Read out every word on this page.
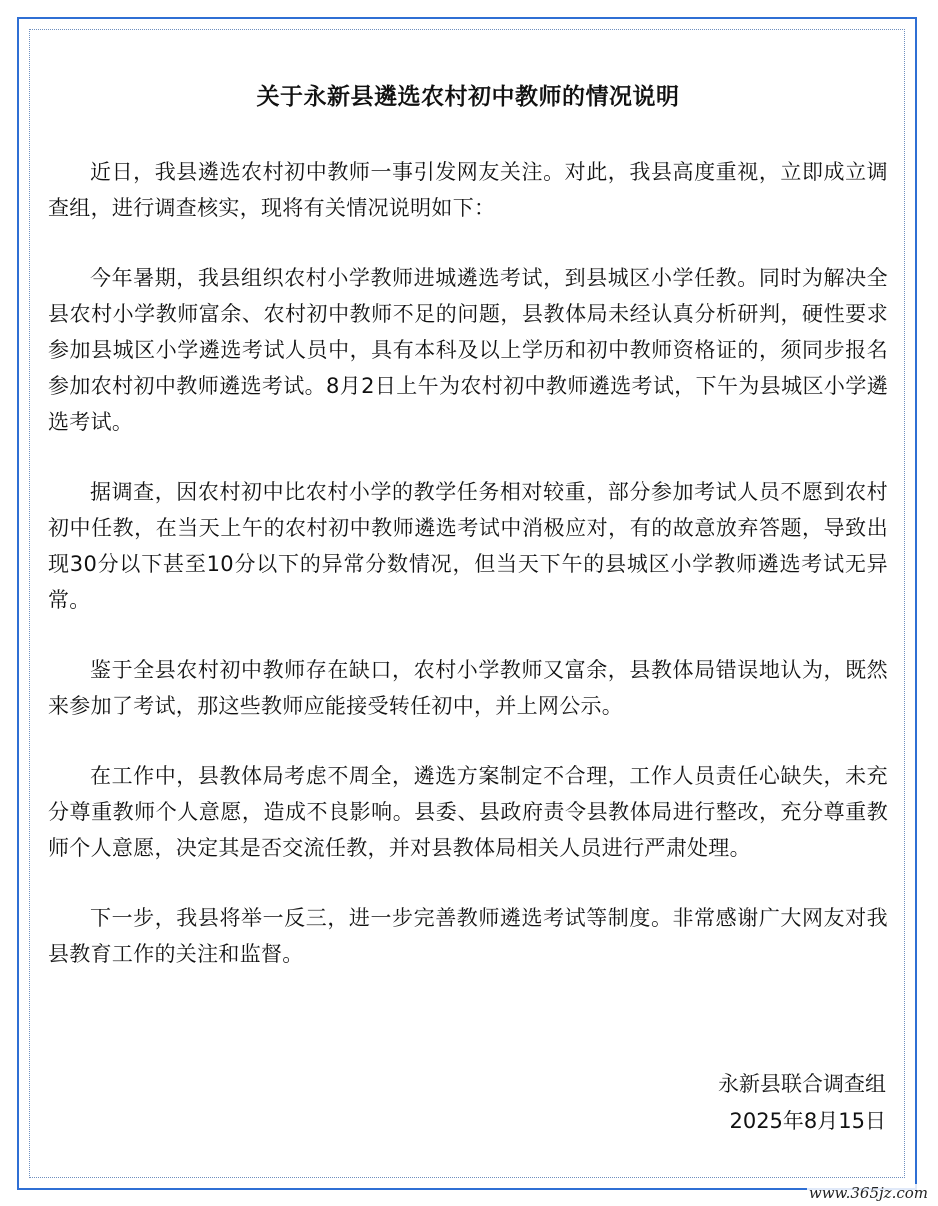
关于永新县遴选农村初中教师的情况说明

近日，我县遴选农村初中教师一事引发网友关注。对此，我县高度重视，立即成立调查组，进行调查核实，现将有关情况说明如下：

今年暑期，我县组织农村小学教师进城遴选考试，到县城区小学任教。同时为解决全县农村小学教师富余、农村初中教师不足的问题，县教体局未经认真分析研判，硬性要求参加县城区小学遴选考试人员中，具有本科及以上学历和初中教师资格证的，须同步报名参加农村初中教师遴选考试。8月2日上午为农村初中教师遴选考试，下午为县城区小学遴选考试。

据调查，因农村初中比农村小学的教学任务相对较重，部分参加考试人员不愿到农村初中任教，在当天上午的农村初中教师遴选考试中消极应对，有的故意放弃答题，导致出现30分以下甚至10分以下的异常分数情况，但当天下午的县城区小学教师遴选考试无异常。

鉴于全县农村初中教师存在缺口，农村小学教师又富余，县教体局错误地认为，既然来参加了考试，那这些教师应能接受转任初中，并上网公示。

在工作中，县教体局考虑不周全，遴选方案制定不合理，工作人员责任心缺失，未充分尊重教师个人意愿，造成不良影响。县委、县政府责令县教体局进行整改，充分尊重教师个人意愿，决定其是否交流任教，并对县教体局相关人员进行严肃处理。

下一步，我县将举一反三，进一步完善教师遴选考试等制度。非常感谢广大网友对我县教育工作的关注和监督。

永新县联合调查组
2025年8月15日
www.365jz.com
